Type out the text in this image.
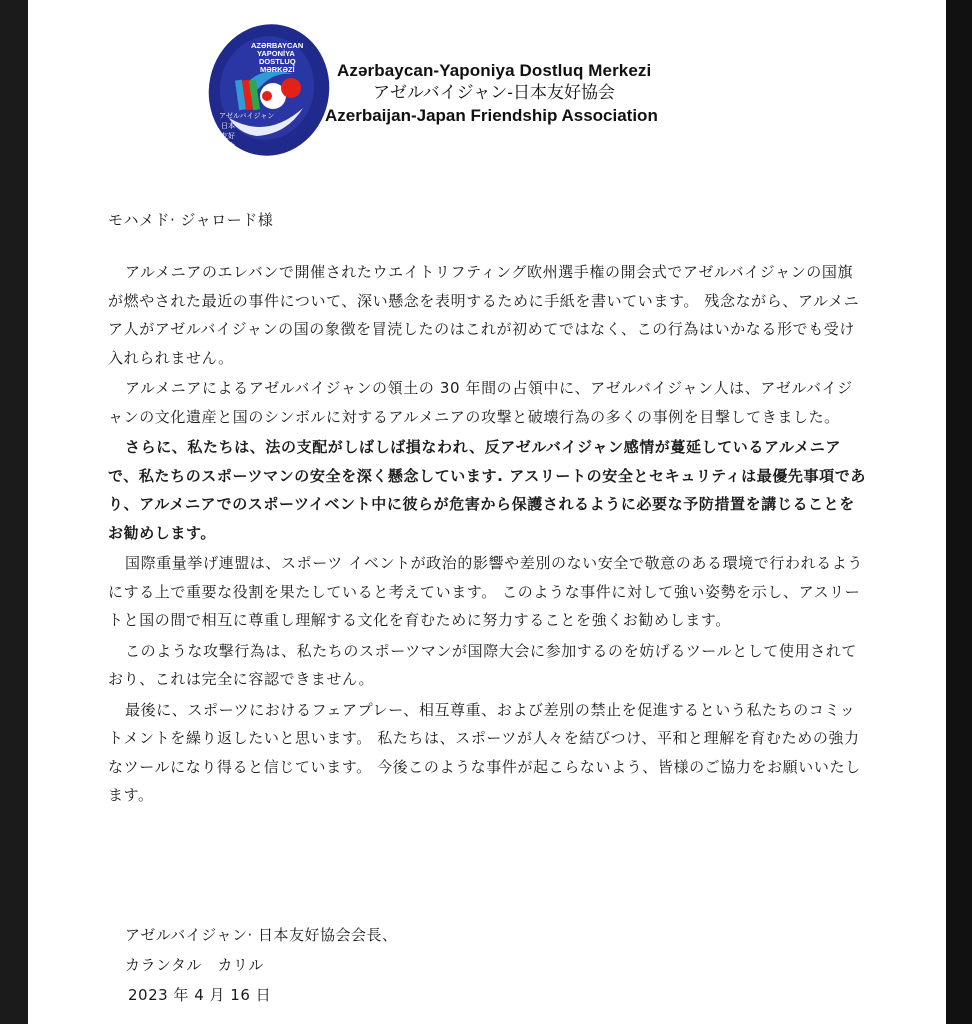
AZƏRBAYCAN
YAPONİYA
DOSTLUQ
MƏRKƏZİ
アゼルバイジャン
日本
友好
協会
Azərbaycan-Yaponiya Dostluq Merkezi
アゼルバイジャン-日本友好協会
Azerbaijan-Japan Friendship Association

モハメド· ジャロード様

アルメニアのエレバンで開催されたウエイトリフティング欧州選手権の開会式でアゼルバイジャンの国旗が燃やされた最近の事件について、深い懸念を表明するために手紙を書いています。 残念ながら、アルメニア人がアゼルバイジャンの国の象徴を冒涜したのはこれが初めてではなく、この行為はいかなる形でも受け入れられません。

アルメニアによるアゼルバイジャンの領土の 30 年間の占領中に、アゼルバイジャン人は、アゼルバイジャンの文化遺産と国のシンボルに対するアルメニアの攻撃と破壊行為の多くの事例を目撃してきました。

さらに、私たちは、法の支配がしばしば損なわれ、反アゼルバイジャン感情が蔓延しているアルメニアで、私たちのスポーツマンの安全を深く懸念しています. アスリートの安全とセキュリティは最優先事項であり、アルメニアでのスポーツイベント中に彼らが危害から保護されるように必要な予防措置を講じることをお勧めします。

国際重量挙げ連盟は、スポーツ イベントが政治的影響や差別のない安全で敬意のある環境で行われるようにする上で重要な役割を果たしていると考えています。 このような事件に対して強い姿勢を示し、アスリートと国の間で相互に尊重し理解する文化を育むために努力することを強くお勧めします。

このような攻撃行為は、私たちのスポーツマンが国際大会に参加するのを妨げるツールとして使用されており、これは完全に容認できません。

最後に、スポーツにおけるフェアプレー、相互尊重、および差別の禁止を促進するという私たちのコミットメントを繰り返したいと思います。 私たちは、スポーツが人々を結びつけ、平和と理解を育むための強力なツールになり得ると信じています。 今後このような事件が起こらないよう、皆様のご協力をお願いいたします。

アゼルバイジャン· 日本友好協会会長、
カランタル　カリル
2023 年 4 月 16 日
